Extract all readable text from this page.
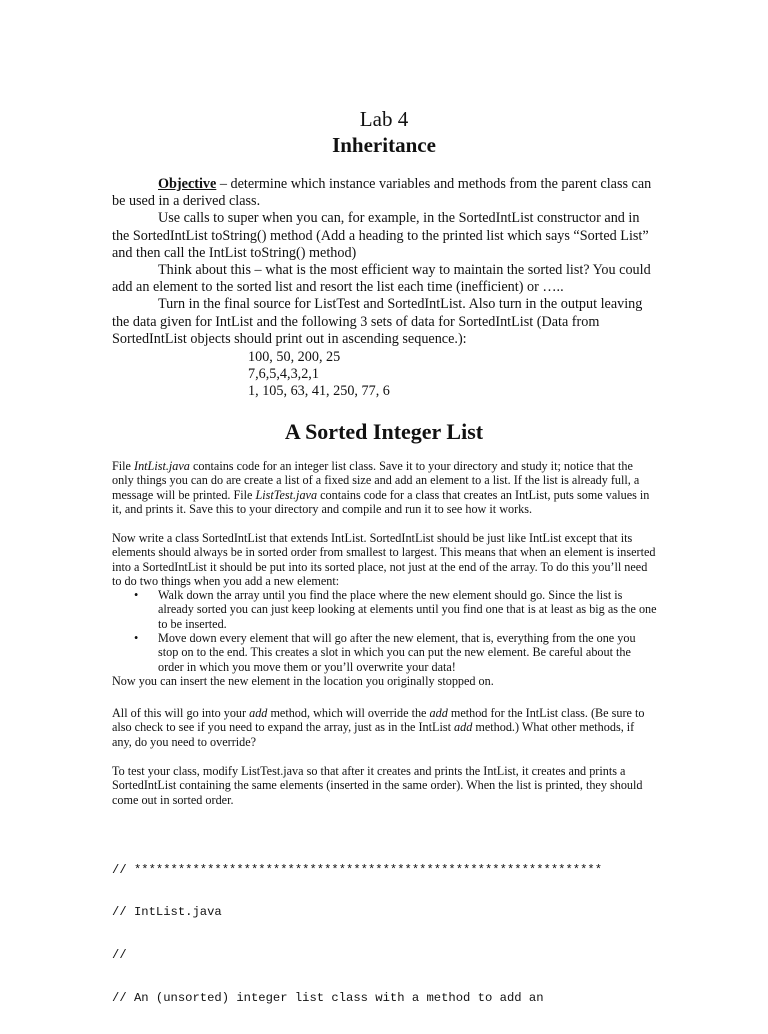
Lab 4
Inheritance

Objective – determine which instance variables and methods from the parent class can be used in a derived class.

Use calls to super when you can, for example, in the SortedIntList constructor and in the SortedIntList toString() method (Add a heading to the printed list which says “Sorted List” and then call the IntList toString() method)

Think about this – what is the most efficient way to maintain the sorted list? You could add an element to the sorted list and resort the list each time (inefficient) or …..

Turn in the final source for ListTest and SortedIntList. Also turn in the output leaving the data given for IntList and the following 3 sets of data for SortedIntList (Data from SortedIntList objects should print out in ascending sequence.):

100, 50, 200, 25
7,6,5,4,3,2,1
1, 105, 63, 41, 250, 77, 6
A Sorted Integer List

File IntList.java contains code for an integer list class. Save it to your directory and study it; notice that the only things you can do are create a list of a fixed size and add an element to a list. If the list is already full, a message will be printed. File ListTest.java contains code for a class that creates an IntList, puts some values in it, and prints it. Save this to your directory and compile and run it to see how it works.

Now write a class SortedIntList that extends IntList. SortedIntList should be just like IntList except that its elements should always be in sorted order from smallest to largest. This means that when an element is inserted into a SortedIntList it should be put into its sorted place, not just at the end of the array. To do this you’ll need to do two things when you add a new element:

• Walk down the array until you find the place where the new element should go. Since the list is already sorted you can just keep looking at elements until you find one that is at least as big as the one to be inserted.
• Move down every element that will go after the new element, that is, everything from the one you stop on to the end. This creates a slot in which you can put the new element. Be careful about the order in which you move them or you’ll overwrite your data!

Now you can insert the new element in the location you originally stopped on.

All of this will go into your add method, which will override the add method for the IntList class. (Be sure to also check to see if you need to expand the array, just as in the IntList add method.) What other methods, if any, do you need to override?

To test your class, modify ListTest.java so that after it creates and prints the IntList, it creates and prints a SortedIntList containing the same elements (inserted in the same order). When the list is printed, they should come out in sorted order.

// ****************************************************************

// IntList.java

//

// An (unsorted) integer list class with a method to add an
